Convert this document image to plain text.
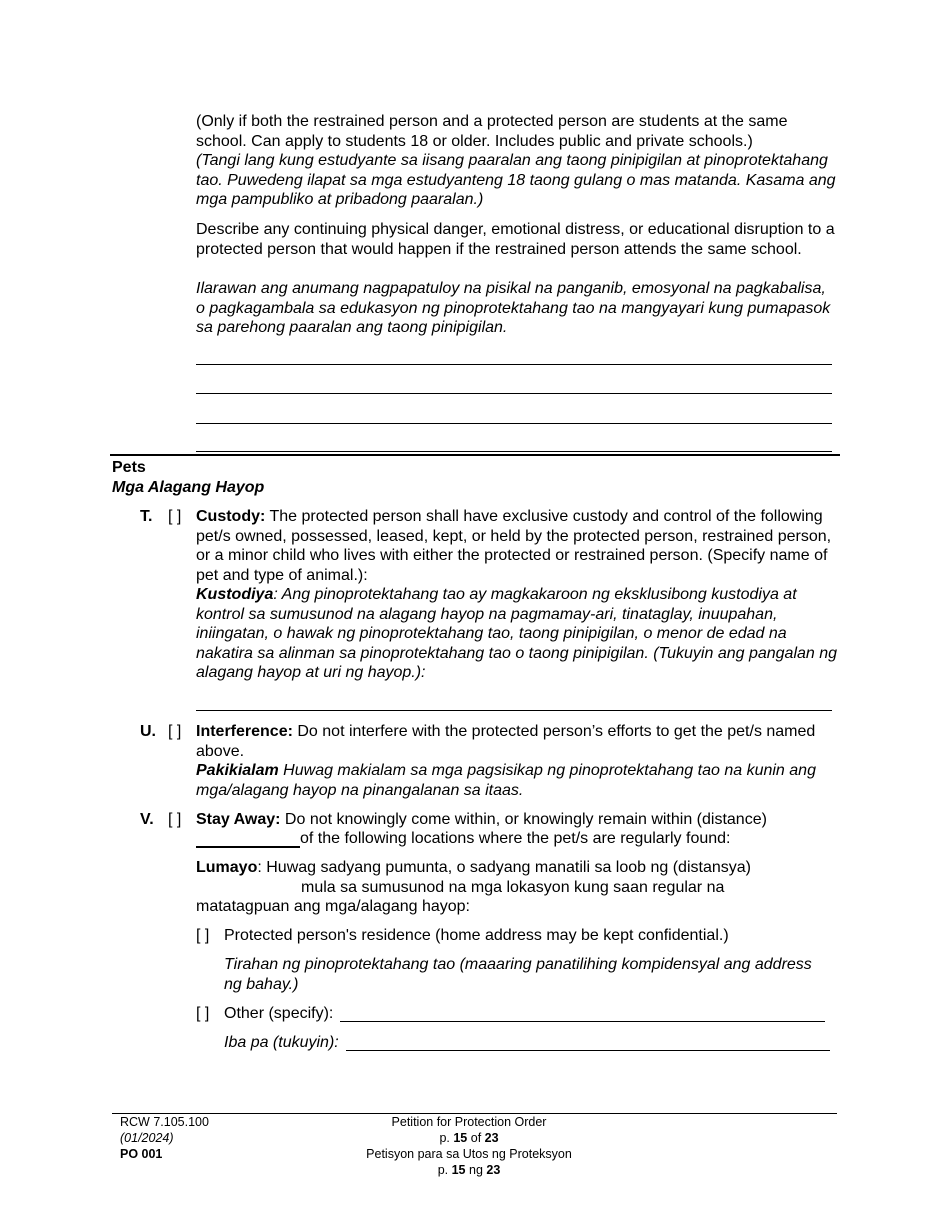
(Only if both the restrained person and a protected person are students at the same school. Can apply to students 18 or older. Includes public and private schools.)

(Tangi lang kung estudyante sa iisang paaralan ang taong pinipigilan at pinoprotektahang tao. Puwedeng ilapat sa mga estudyanteng 18 taong gulang o mas matanda. Kasama ang mga pampubliko at pribadong paaralan.)

Describe any continuing physical danger, emotional distress, or educational disruption to a protected person that would happen if the restrained person attends the same school.

Ilarawan ang anumang nagpapatuloy na pisikal na panganib, emosyonal na pagkabalisa, o pagkagambala sa edukasyon ng pinoprotektahang tao na mangyayari kung pumapasok sa parehong paaralan ang taong pinipigilan.

Pets
Mga Alagang Hayop
T. [ ] Custody: The protected person shall have exclusive custody and control of the following pet/s owned, possessed, leased, kept, or held by the protected person, restrained person, or a minor child who lives with either the protected or restrained person. (Specify name of pet and type of animal.):

Kustodiya: Ang pinoprotektahang tao ay magkakaroon ng eksklusibong kustodiya at kontrol sa sumusunod na alagang hayop na pagmamay-ari, tinataglay, inuupahan, iniingatan, o hawak ng pinoprotektahang tao, taong pinipigilan, o menor de edad na nakatira sa alinman sa pinoprotektahang tao o taong pinipigilan. (Tukuyin ang pangalan ng alagang hayop at uri ng hayop.):

U. [ ] Interference: Do not interfere with the protected person’s efforts to get the pet/s named above.

Pakikialam Huwag makialam sa mga pagsisikap ng pinoprotektahang tao na kunin ang mga/alagang hayop na pinangalanan sa itaas.

V. [ ] Stay Away: Do not knowingly come within, or knowingly remain within (distance)
of the following locations where the pet/s are regularly found:
Lumayo: Huwag sadyang pumunta, o sadyang manatili sa loob ng (distansya)
mula sa sumusunod na mga lokasyon kung saan regular na
matatagpuan ang mga/alagang hayop:
[ ] Protected person's residence (home address may be kept confidential.)

Tirahan ng pinoprotektahang tao (maaaring panatilihing kompidensyal ang address ng bahay.)

[ ] Other (specify):
Iba pa (tukuyin):
RCW 7.105.100
(01/2024)
PO 001
Petition for Protection Order
p. 15 of 23
Petisyon para sa Utos ng Proteksyon
p. 15 ng 23
